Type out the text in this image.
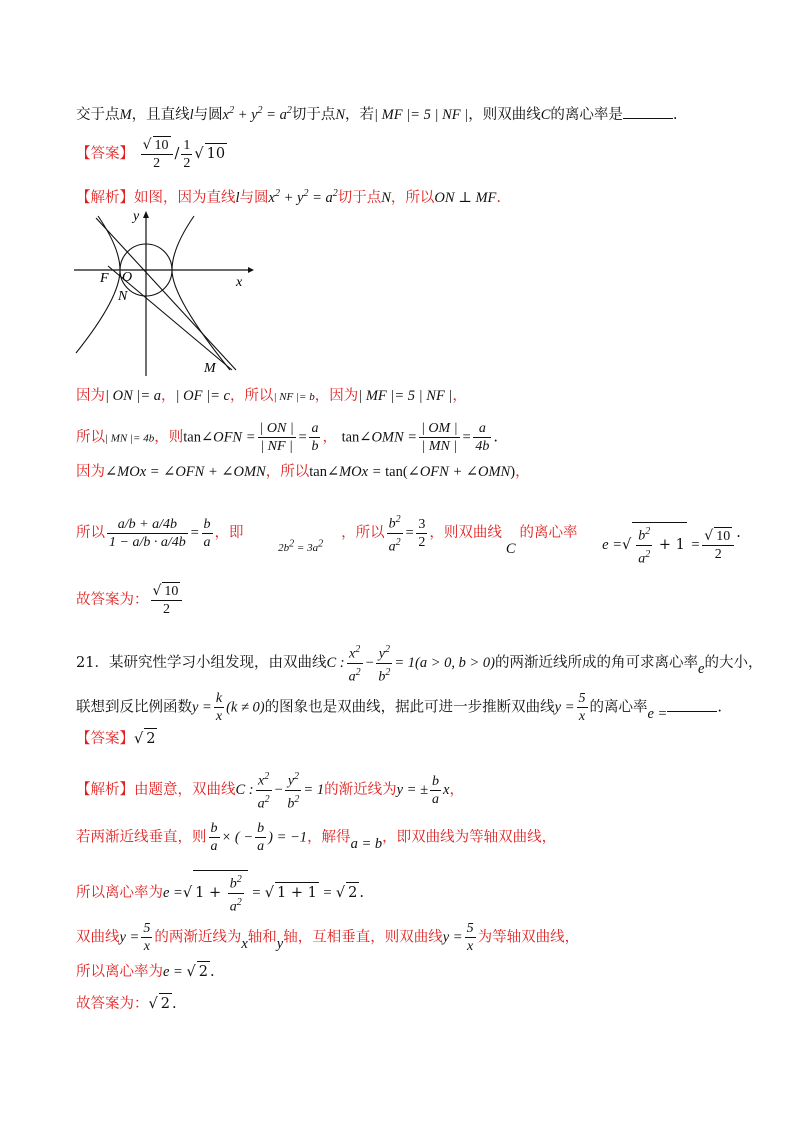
交于点M，且直线l与圆$x^2 + y^2 = a^2$切于点N，若| MF |= 5 | NF |，则双曲线C的离心率是	.
【答案】 $\frac{√ 10}{2} / \frac{1}{2}$ √ 10
【解析】如图，因为直线l与圆$x^2 + y^2 = a^2$切于点N，所以ON ⊥ MF.
y
x
F O
N
M
因为| ON |= a，| OF |= c，所以| NF |= b，因为| MF |= 5 | NF |，
所以| MN |= 4b，则tan∠OFN = $\frac{| ON |}{| NF |} = \frac{a}{b}$ ， tan∠OMN = $\frac{| OM |}{| MN |} = \frac{a}{4b}$ .
因为∠MOx = ∠OFN + ∠OMN，所以tan∠MOx = tan(∠OFN + ∠OMN)，
所以 $\frac{a/b + a/4b}{1 - a/b \cdot a/4b} = \frac{b}{a}$ ，即 $_{2b^2 = 3a^2}$，所以 $\frac{b^2}{a^2} = \frac{3}{2}$ ，则双曲线C的离心率 e =√ $\frac{b^2}{a^2} + 1 = \frac{√ 10}{2}$ .
故答案为： $\frac{√ 10}{2}$
21．某研究性学习小组发现，由双曲线C : $\frac{x^2}{a^2} - \frac{y^2}{b^2} = 1(a > 0$, b > 0)的两渐近线所成的角可求离心率e的大小，
联想到反比例函数$y = \frac{k}{x} (k \ne 0)$的图象也是双曲线，据此可进一步推断双曲线$y = \frac{5}{x}$ 的离心率e =	.
【答案】√ 2
【解析】由题意，双曲线C : $\frac{x^2}{a^2} - \frac{y^2}{b^2} = 1$的渐近线为y = ± $\frac{b}{a}$ x，
若两渐近线垂直，则 $\frac{b}{a}$ × ( − $\frac{b}{a}$ ) = −1，解得a = b，即双曲线为等轴双曲线，
所以离心率为e =√ $1 + \frac{b^2}{a^2}$ = √ 1 + 1 = √ 2 .
双曲线$y = \frac{5}{x}$ 的两渐近线为x轴和y轴，互相垂直，则双曲线$y = \frac{5}{x}$ 为等轴双曲线，
所以离心率为e = √ 2 .
故答案为：√ 2 .
